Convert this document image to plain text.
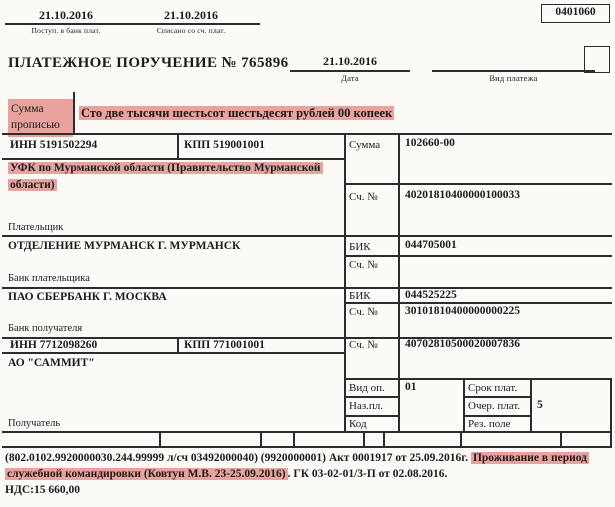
21.10.2016
Поступ. в банк плат.
21.10.2016
Списано со сч. плат.
0401060
ПЛАТЕЖНОЕ ПОРУЧЕНИЕ № 765896	21.10.2016
Дата	Вид платежа
Сумма прописью
Сто две тысячи шестьсот шестьдесят рублей 00 копеек
ИНН 5191502294	КПП 519001001	Сумма 102660-00
УФК по Мурманской области (Правительство Мурманской
области)
Сч. № 40201810400000100033
Плательщик
ОТДЕЛЕНИЕ МУРМАНСК Г. МУРМАНСК	БИК	044705001
Сч. №
Банк плательщика
ПАО СБЕРБАНК Г. МОСКВА	БИК	044525225
Сч. № 30101810400000000225
Банк получателя
ИНН 7712098260	КПП 771001001	Сч. № 40702810500020007836
АО "САММИТ"
Вид оп. 01	Срок плат.
Наз.пл.	Очер. плат. 5
Код	Рез. поле
Получатель
(802.0102.9920000030.244.99999 л/сч 03492000040) (9920000001) Акт 0001917 от 25.09.2016г. Проживание в период
служебной командировки (Ковтун М.В. 23-25.09.2016) . ГК 03-02-01/3-П от 02.08.2016.
НДС:15 660,00
